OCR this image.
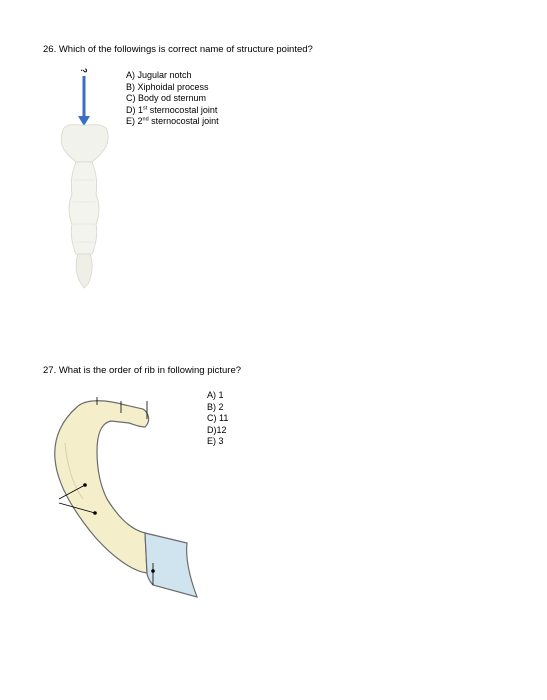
26. Which of the followings is correct name of structure pointed?
A) Jugular notch
B) Xiphoidal process
C) Body od sternum
D) 1st sternocostal joint
E) 2nd sternocostal joint
?
27. What is the order of rib in following picture?
A) 1
B) 2
C) 11
D)12
E) 3
